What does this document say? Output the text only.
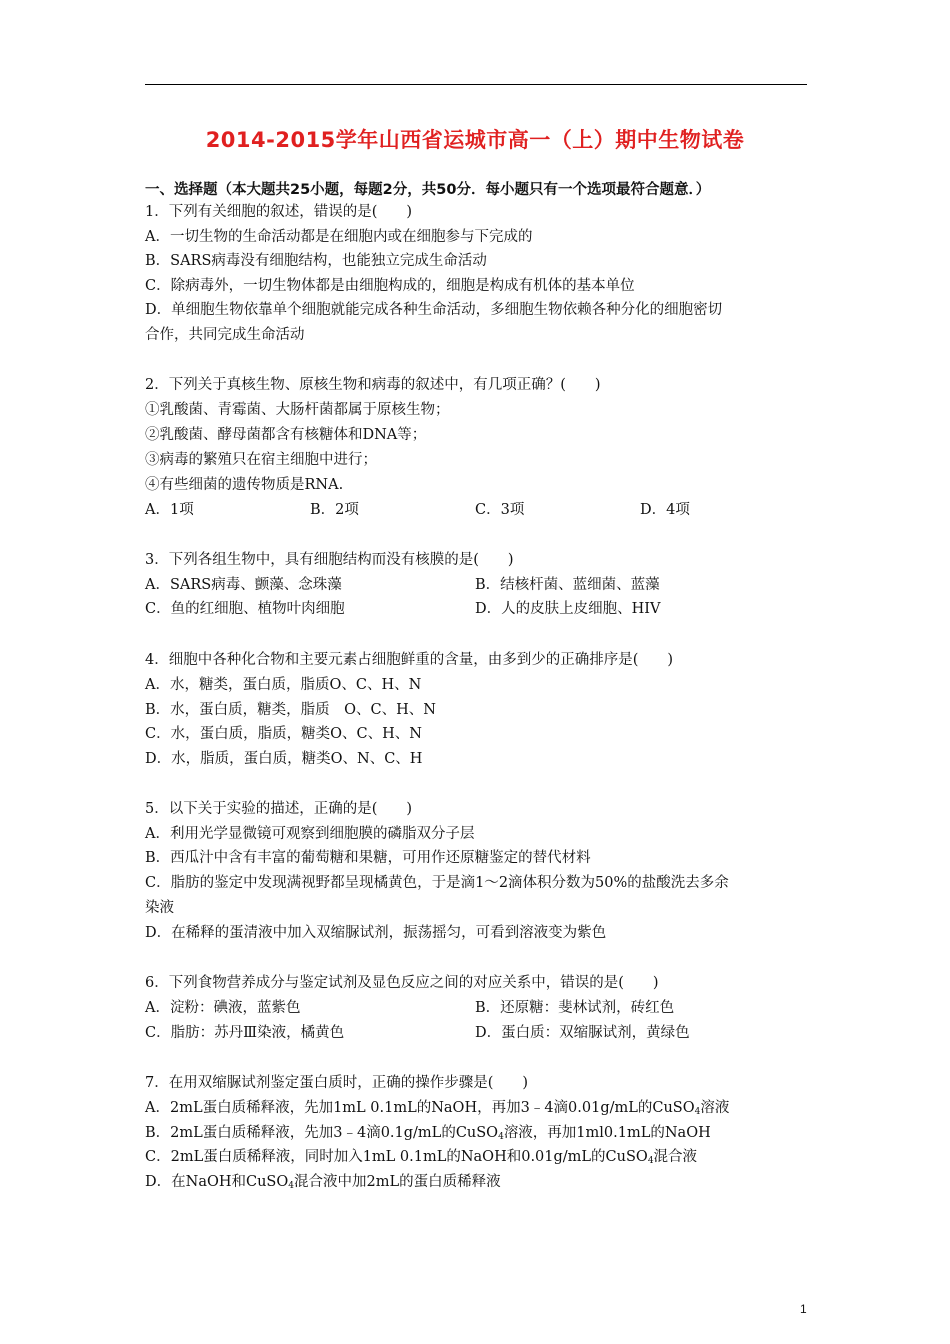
2014-2015学年山西省运城市高一（上）期中生物试卷
一、选择题（本大题共25小题，每题2分，共50分．每小题只有一个选项最符合题意．）
1．下列有关细胞的叙述，错误的是(　　)
A．一切生物的生命活动都是在细胞内或在细胞参与下完成的
B．SARS病毒没有细胞结构，也能独立完成生命活动
C．除病毒外，一切生物体都是由细胞构成的，细胞是构成有机体的基本单位
D．单细胞生物依靠单个细胞就能完成各种生命活动，多细胞生物依赖各种分化的细胞密切
合作，共同完成生命活动
2．下列关于真核生物、原核生物和病毒的叙述中，有几项正确？(　　)
①乳酸菌、青霉菌、大肠杆菌都属于原核生物；
②乳酸菌、酵母菌都含有核糖体和DNA等；
③病毒的繁殖只在宿主细胞中进行；
④有些细菌的遗传物质是RNA.
A．1项	B．2项	C．3项	D．4项
3．下列各组生物中，具有细胞结构而没有核膜的是(　　)
A．SARS病毒、颤藻、念珠藻	B．结核杆菌、蓝细菌、蓝藻
C．鱼的红细胞、植物叶肉细胞	D．人的皮肤上皮细胞、HIV
4．细胞中各种化合物和主要元素占细胞鲜重的含量，由多到少的正确排序是(　　)
A．水，糖类，蛋白质，脂质O、C、H、N
B．水，蛋白质，糖类，脂质　O、C、H、N
C．水，蛋白质，脂质，糖类O、C、H、N
D．水，脂质，蛋白质，糖类O、N、C、H
5．以下关于实验的描述，正确的是(　　)
A．利用光学显微镜可观察到细胞膜的磷脂双分子层
B．西瓜汁中含有丰富的葡萄糖和果糖，可用作还原糖鉴定的替代材料
C．脂肪的鉴定中发现满视野都呈现橘黄色，于是滴1～2滴体积分数为50%的盐酸洗去多余
染液
D．在稀释的蛋清液中加入双缩脲试剂，振荡摇匀，可看到溶液变为紫色
6．下列食物营养成分与鉴定试剂及显色反应之间的对应关系中，错误的是(　　)
A．淀粉：碘液，蓝紫色	B．还原糖：斐林试剂，砖红色
C．脂肪：苏丹Ⅲ染液，橘黄色	D．蛋白质：双缩脲试剂，黄绿色
7．在用双缩脲试剂鉴定蛋白质时，正确的操作步骤是(　　)
A．2mL蛋白质稀释液，先加1mL 0.1mL的NaOH，再加3﹣4滴0.01g/mL的CuSO$_4$溶液
B．2mL蛋白质稀释液，先加3﹣4滴0.1g/mL的CuSO$_4$溶液，再加1ml0.1mL的NaOH
C．2mL蛋白质稀释液，同时加入1mL 0.1mL的NaOH和0.01g/mL的CuSO$_4$混合液
D．在NaOH和CuSO$_4$混合液中加2mL的蛋白质稀释液
1
